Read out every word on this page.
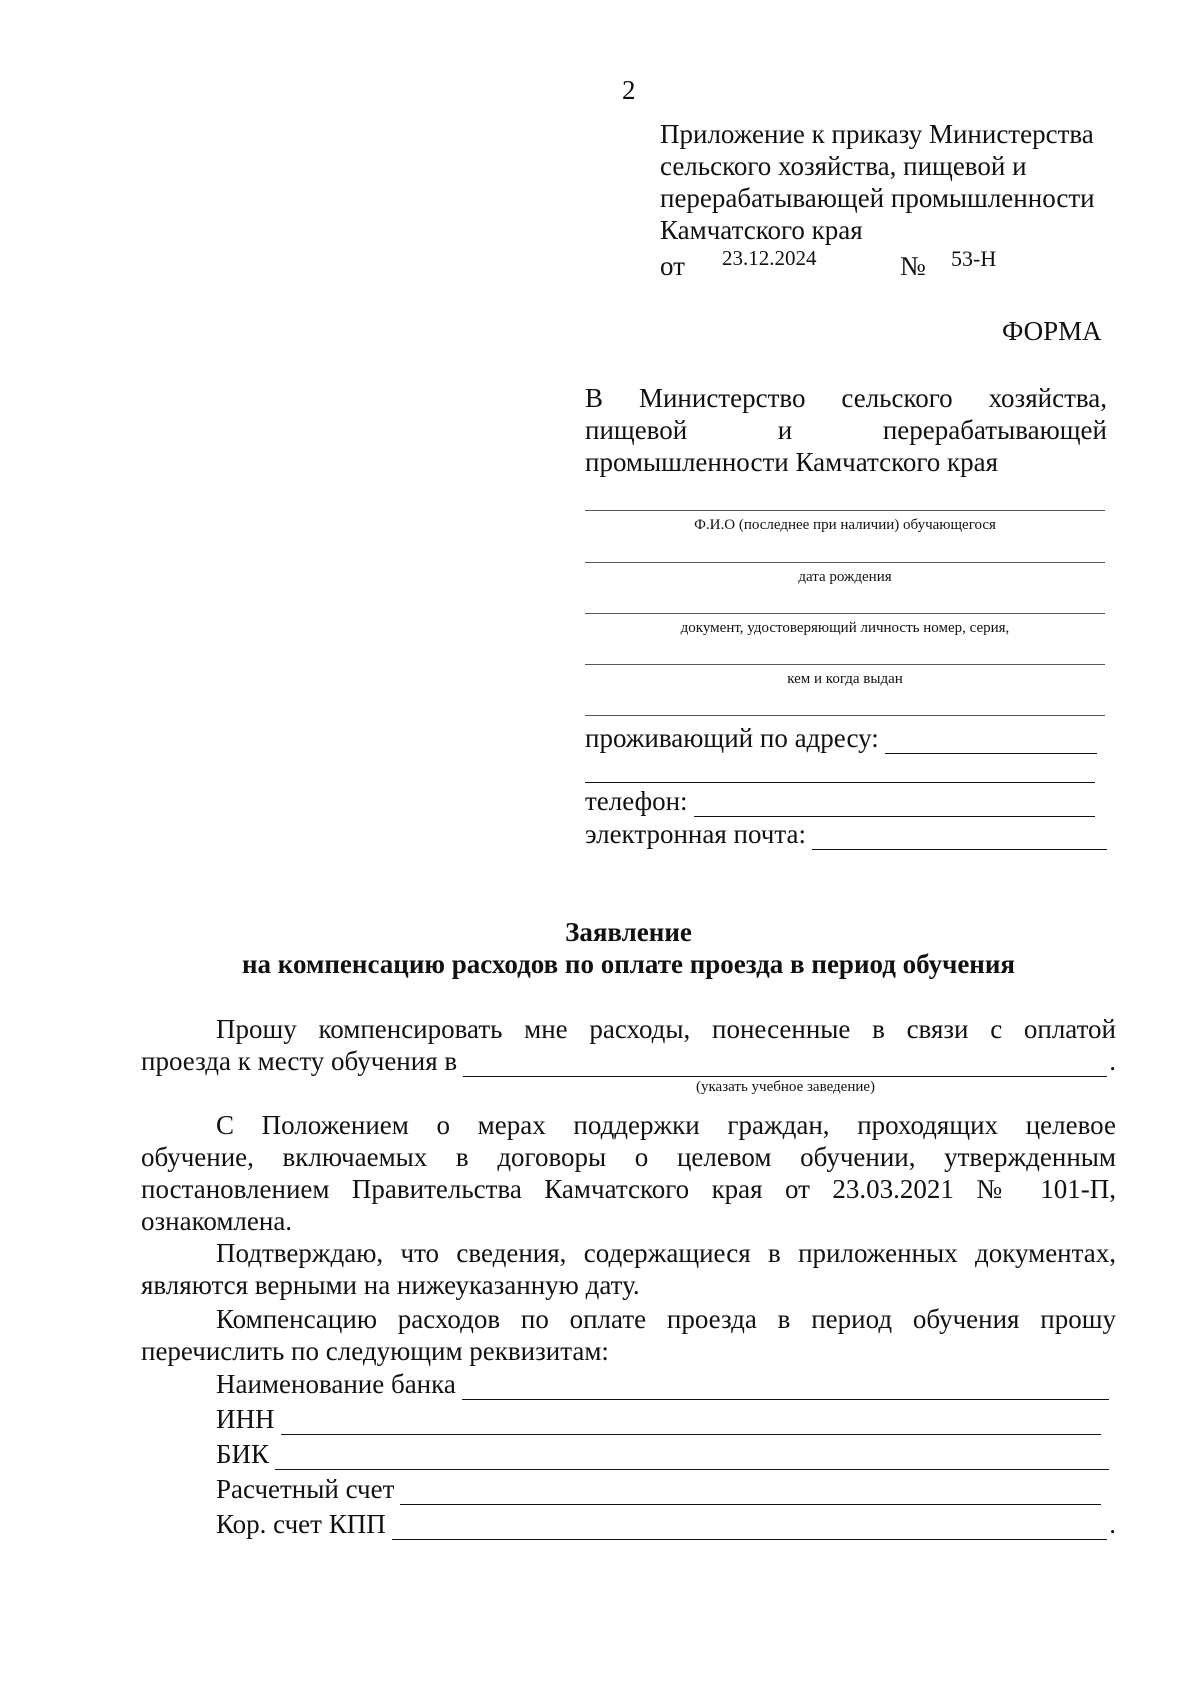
2
Приложение к приказу Министерства
сельского хозяйства, пищевой и
перерабатывающей промышленности
Камчатского края
от 23.12.2024	№ 53-Н
ФОРМА
В Министерство сельского хозяйства,
пищевой	и	перерабатывающей
промышленности Камчатского края
Ф.И.О (последнее при наличии) обучающегося
дата рождения
документ, удостоверяющий личность номер, серия,
кем и когда выдан
проживающий по адресу:
телефон:
электронная почта:
Заявление
на компенсацию расходов по оплате проезда в период обучения
Прошу компенсировать мне расходы, понесенные в связи с оплатой
проезда к месту обучения в	.
(указать учебное заведение)
С Положением о мерах поддержки граждан, проходящих целевое
обучение, включаемых в договоры о целевом обучении, утвержденным
постановлением Правительства Камчатского края от 23.03.2021 № 101-П,
ознакомлена.
Подтверждаю, что сведения, содержащиеся в приложенных документах,
являются верными на нижеуказанную дату.
Компенсацию расходов по оплате проезда в период обучения прошу
перечислить по следующим реквизитам:
Наименование банка
ИНН
БИК
Расчетный счет
Кор. счет КПП	.
